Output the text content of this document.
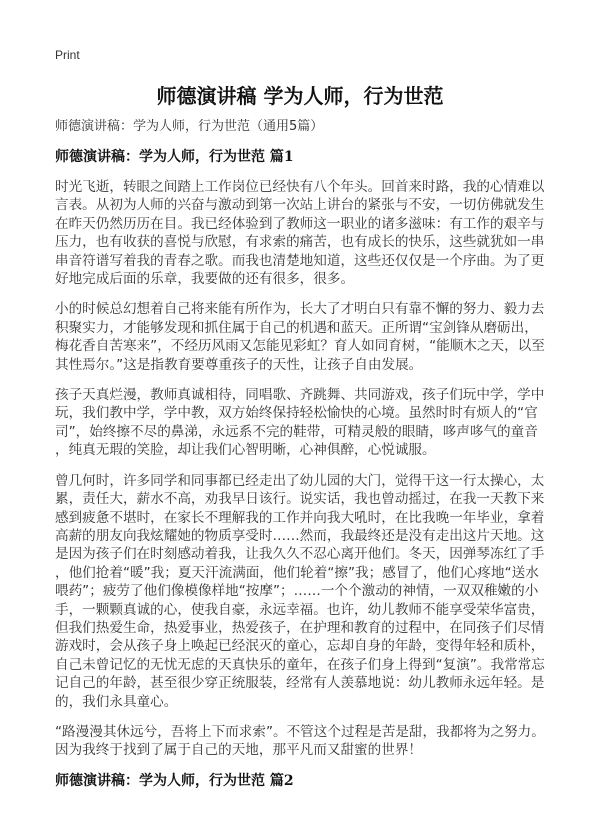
Print
师德演讲稿 学为人师，行为世范
师德演讲稿：学为人师，行为世范（通用5篇）
师德演讲稿：学为人师，行为世范 篇1
时光飞逝，转眼之间踏上工作岗位已经快有八个年头。回首来时路，我的心情难以
言表。从初为人师的兴奋与激动到第一次站上讲台的紧张与不安，一切仿佛就发生
在昨天仍然历历在目。我已经体验到了教师这一职业的诸多滋味：有工作的艰辛与
压力，也有收获的喜悦与欣慰，有求索的痛苦，也有成长的快乐，这些就犹如一串
串音符谱写着我的青春之歌。而我也清楚地知道，这些还仅仅是一个序曲。为了更
好地完成后面的乐章，我要做的还有很多，很多。
小的时候总幻想着自己将来能有所作为，长大了才明白只有靠不懈的努力、毅力去
积聚实力，才能够发现和抓住属于自己的机遇和蓝天。正所谓“宝剑锋从磨砺出，
梅花香自苦寒来”，不经历风雨又怎能见彩虹？育人如同育树，“能顺木之天，以至
其性焉尔。”这是指教育要尊重孩子的天性，让孩子自由发展。
孩子天真烂漫，教师真诚相待，同唱歌、齐跳舞、共同游戏，孩子们玩中学，学中
玩，我们教中学，学中教，双方始终保持轻松愉快的心境。虽然时时有烦人的“官
司”，始终擦不尽的鼻涕，永远系不完的鞋带，可精灵般的眼睛，哆声哆气的童音
，纯真无瑕的笑脸，却让我们心智明晰，心神俱醉，心悦诚服。
曾几何时，许多同学和同事都已经走出了幼儿园的大门，觉得干这一行太操心，太
累，责任大，薪水不高，劝我早日该行。说实话，我也曾动摇过，在我一天教下来
感到疲惫不堪时，在家长不理解我的工作并向我大吼时，在比我晚一年毕业，拿着
高薪的朋友向我炫耀她的物质享受时……然而，我最终还是没有走出这片天地。这
是因为孩子们在时刻感动着我，让我久久不忍心离开他们。冬天，因弹琴冻红了手
，他们抢着“暖”我；夏天汗流满面，他们轮着“擦”我；感冒了，他们心疼地“送水
喂药”；疲劳了他们像模像样地“按摩”；……一个个激动的神情，一双双稚嫩的小
手，一颗颗真诚的心，使我自豪，永远幸福。也许，幼儿教师不能享受荣华富贵，
但我们热爱生命，热爱事业，热爱孩子，在护理和教育的过程中，在同孩子们尽情
游戏时，会从孩子身上唤起已经泯灭的童心，忘却自身的年龄，变得年轻和质朴，
自己未曾记忆的无忧无虑的天真快乐的童年，在孩子们身上得到“复演”。我常常忘
记自己的年龄，甚至很少穿正统服装，经常有人羡慕地说：幼儿教师永远年轻。是
的，我们永具童心。
“路漫漫其休远兮，吾将上下而求索”。不管这个过程是苦是甜，我都将为之努力。
因为我终于找到了属于自己的天地，那平凡而又甜蜜的世界！
师德演讲稿：学为人师，行为世范 篇2
